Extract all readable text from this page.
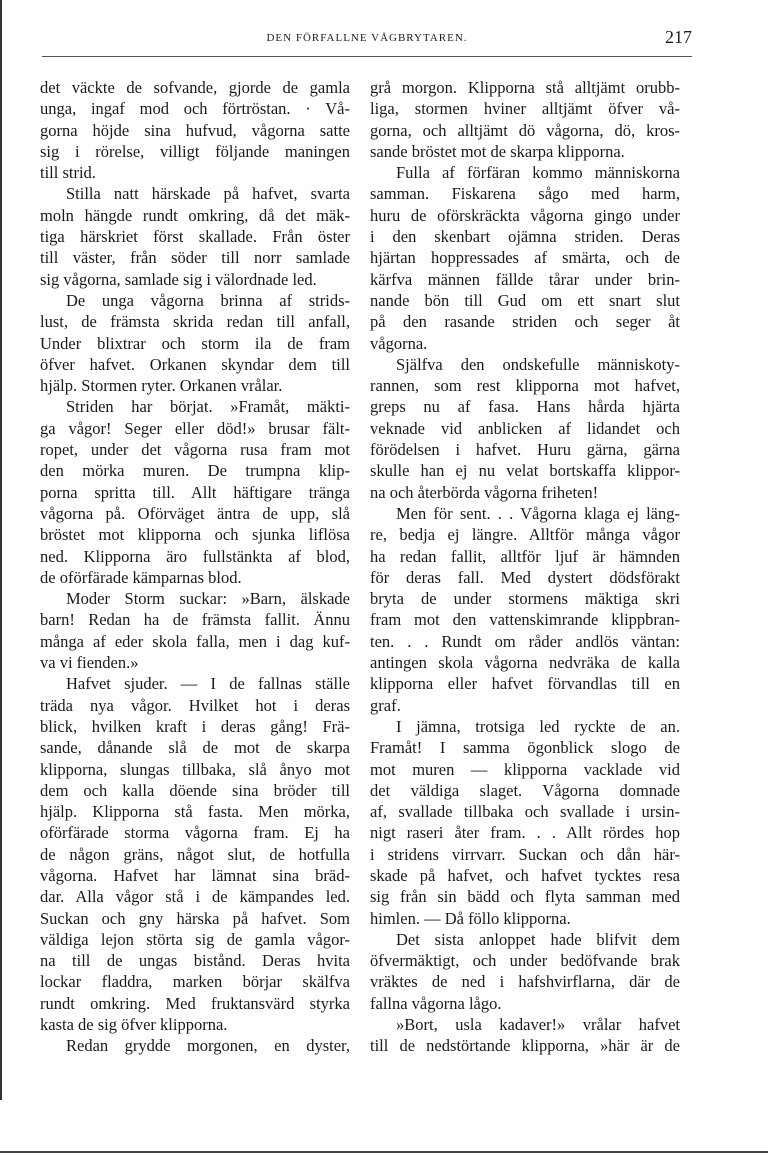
DEN FÖRFALLNE VÅGBRYTAREN.	217
det väckte de sofvande, gjorde de gamla
unga, ingaf mod och förtröstan. · Vå-
gorna höjde sina hufvud, vågorna satte
sig i rörelse, villigt följande maningen
till strid.
Stilla natt härskade på hafvet, svarta
moln hängde rundt omkring, då det mäk-
tiga härskriet först skallade. Från öster
till väster, från söder till norr samlade
sig vågorna, samlade sig i välordnade led.
De unga vågorna brinna af strids-
lust, de främsta skrida redan till anfall,
Under blixtrar och storm ila de fram
öfver hafvet. Orkanen skyndar dem till
hjälp. Stormen ryter. Orkanen vrålar.
Striden har börjat. »Framåt, mäkti-
ga vågor! Seger eller död!» brusar fält-
ropet, under det vågorna rusa fram mot
den mörka muren. De trumpna klip-
porna spritta till. Allt häftigare tränga
vågorna på. Oförväget äntra de upp, slå
bröstet mot klipporna och sjunka liflösa
ned. Klipporna äro fullstänkta af blod,
de oförfärade kämparnas blod.
Moder Storm suckar: »Barn, älskade
barn! Redan ha de främsta fallit. Ännu
många af eder skola falla, men i dag kuf-
va vi fienden.»
Hafvet sjuder. — I de fallnas ställe
träda nya vågor. Hvilket hot i deras
blick, hvilken kraft i deras gång! Frä-
sande, dånande slå de mot de skarpa
klipporna, slungas tillbaka, slå ånyo mot
dem och kalla döende sina bröder till
hjälp. Klipporna stå fasta. Men mörka,
oförfärade storma vågorna fram. Ej ha
de någon gräns, något slut, de hotfulla
vågorna. Hafvet har lämnat sina bräd-
dar. Alla vågor stå i de kämpandes led.
Suckan och gny härska på hafvet. Som
väldiga lejon störta sig de gamla vågor-
na till de ungas bistånd. Deras hvita
lockar fladdra, marken börjar skälfva
rundt omkring. Med fruktansvärd styrka
kasta de sig öfver klipporna.
Redan grydde morgonen, en dyster,
grå morgon. Klipporna stå alltjämt orubb-
liga, stormen hviner alltjämt öfver vå-
gorna, och alltjämt dö vågorna, dö, kros-
sande bröstet mot de skarpa klipporna.
Fulla af förfäran kommo människorna
samman. Fiskarena sågo med harm,
huru de oförskräckta vågorna gingo under
i den skenbart ojämna striden. Deras
hjärtan hoppressades af smärta, och de
kärfva männen fällde tårar under brin-
nande bön till Gud om ett snart slut
på den rasande striden och seger åt
vågorna.
Själfva den ondskefulle människoty-
rannen, som rest klipporna mot hafvet,
greps nu af fasa. Hans hårda hjärta
veknade vid anblicken af lidandet och
förödelsen i hafvet. Huru gärna, gärna
skulle han ej nu velat bortskaffa klippor-
na och återbörda vågorna friheten!
Men för sent. . . Vågorna klaga ej läng-
re, bedja ej längre. Alltför många vågor
ha redan fallit, alltför ljuf är hämnden
för deras fall. Med dystert dödsförakt
bryta de under stormens mäktiga skri
fram mot den vattenskimrande klippbran-
ten. . . Rundt om råder andlös väntan:
antingen skola vågorna nedvräka de kalla
klipporna eller hafvet förvandlas till en
graf.
I jämna, trotsiga led ryckte de an.
Framåt! I samma ögonblick slogo de
mot muren — klipporna vacklade vid
det väldiga slaget. Vågorna domnade
af, svallade tillbaka och svallade i ursin-
nigt raseri åter fram. . . Allt rördes hop
i stridens virrvarr. Suckan och dån här-
skade på hafvet, och hafvet tycktes resa
sig från sin bädd och flyta samman med
himlen. — Då föllo klipporna.
Det sista anloppet hade blifvit dem
öfvermäktigt, och under bedöfvande brak
vräktes de ned i hafshvirflarna, där de
fallna vågorna lågo.
»Bort, usla kadaver!» vrålar hafvet
till de nedstörtande klipporna, »här är de
